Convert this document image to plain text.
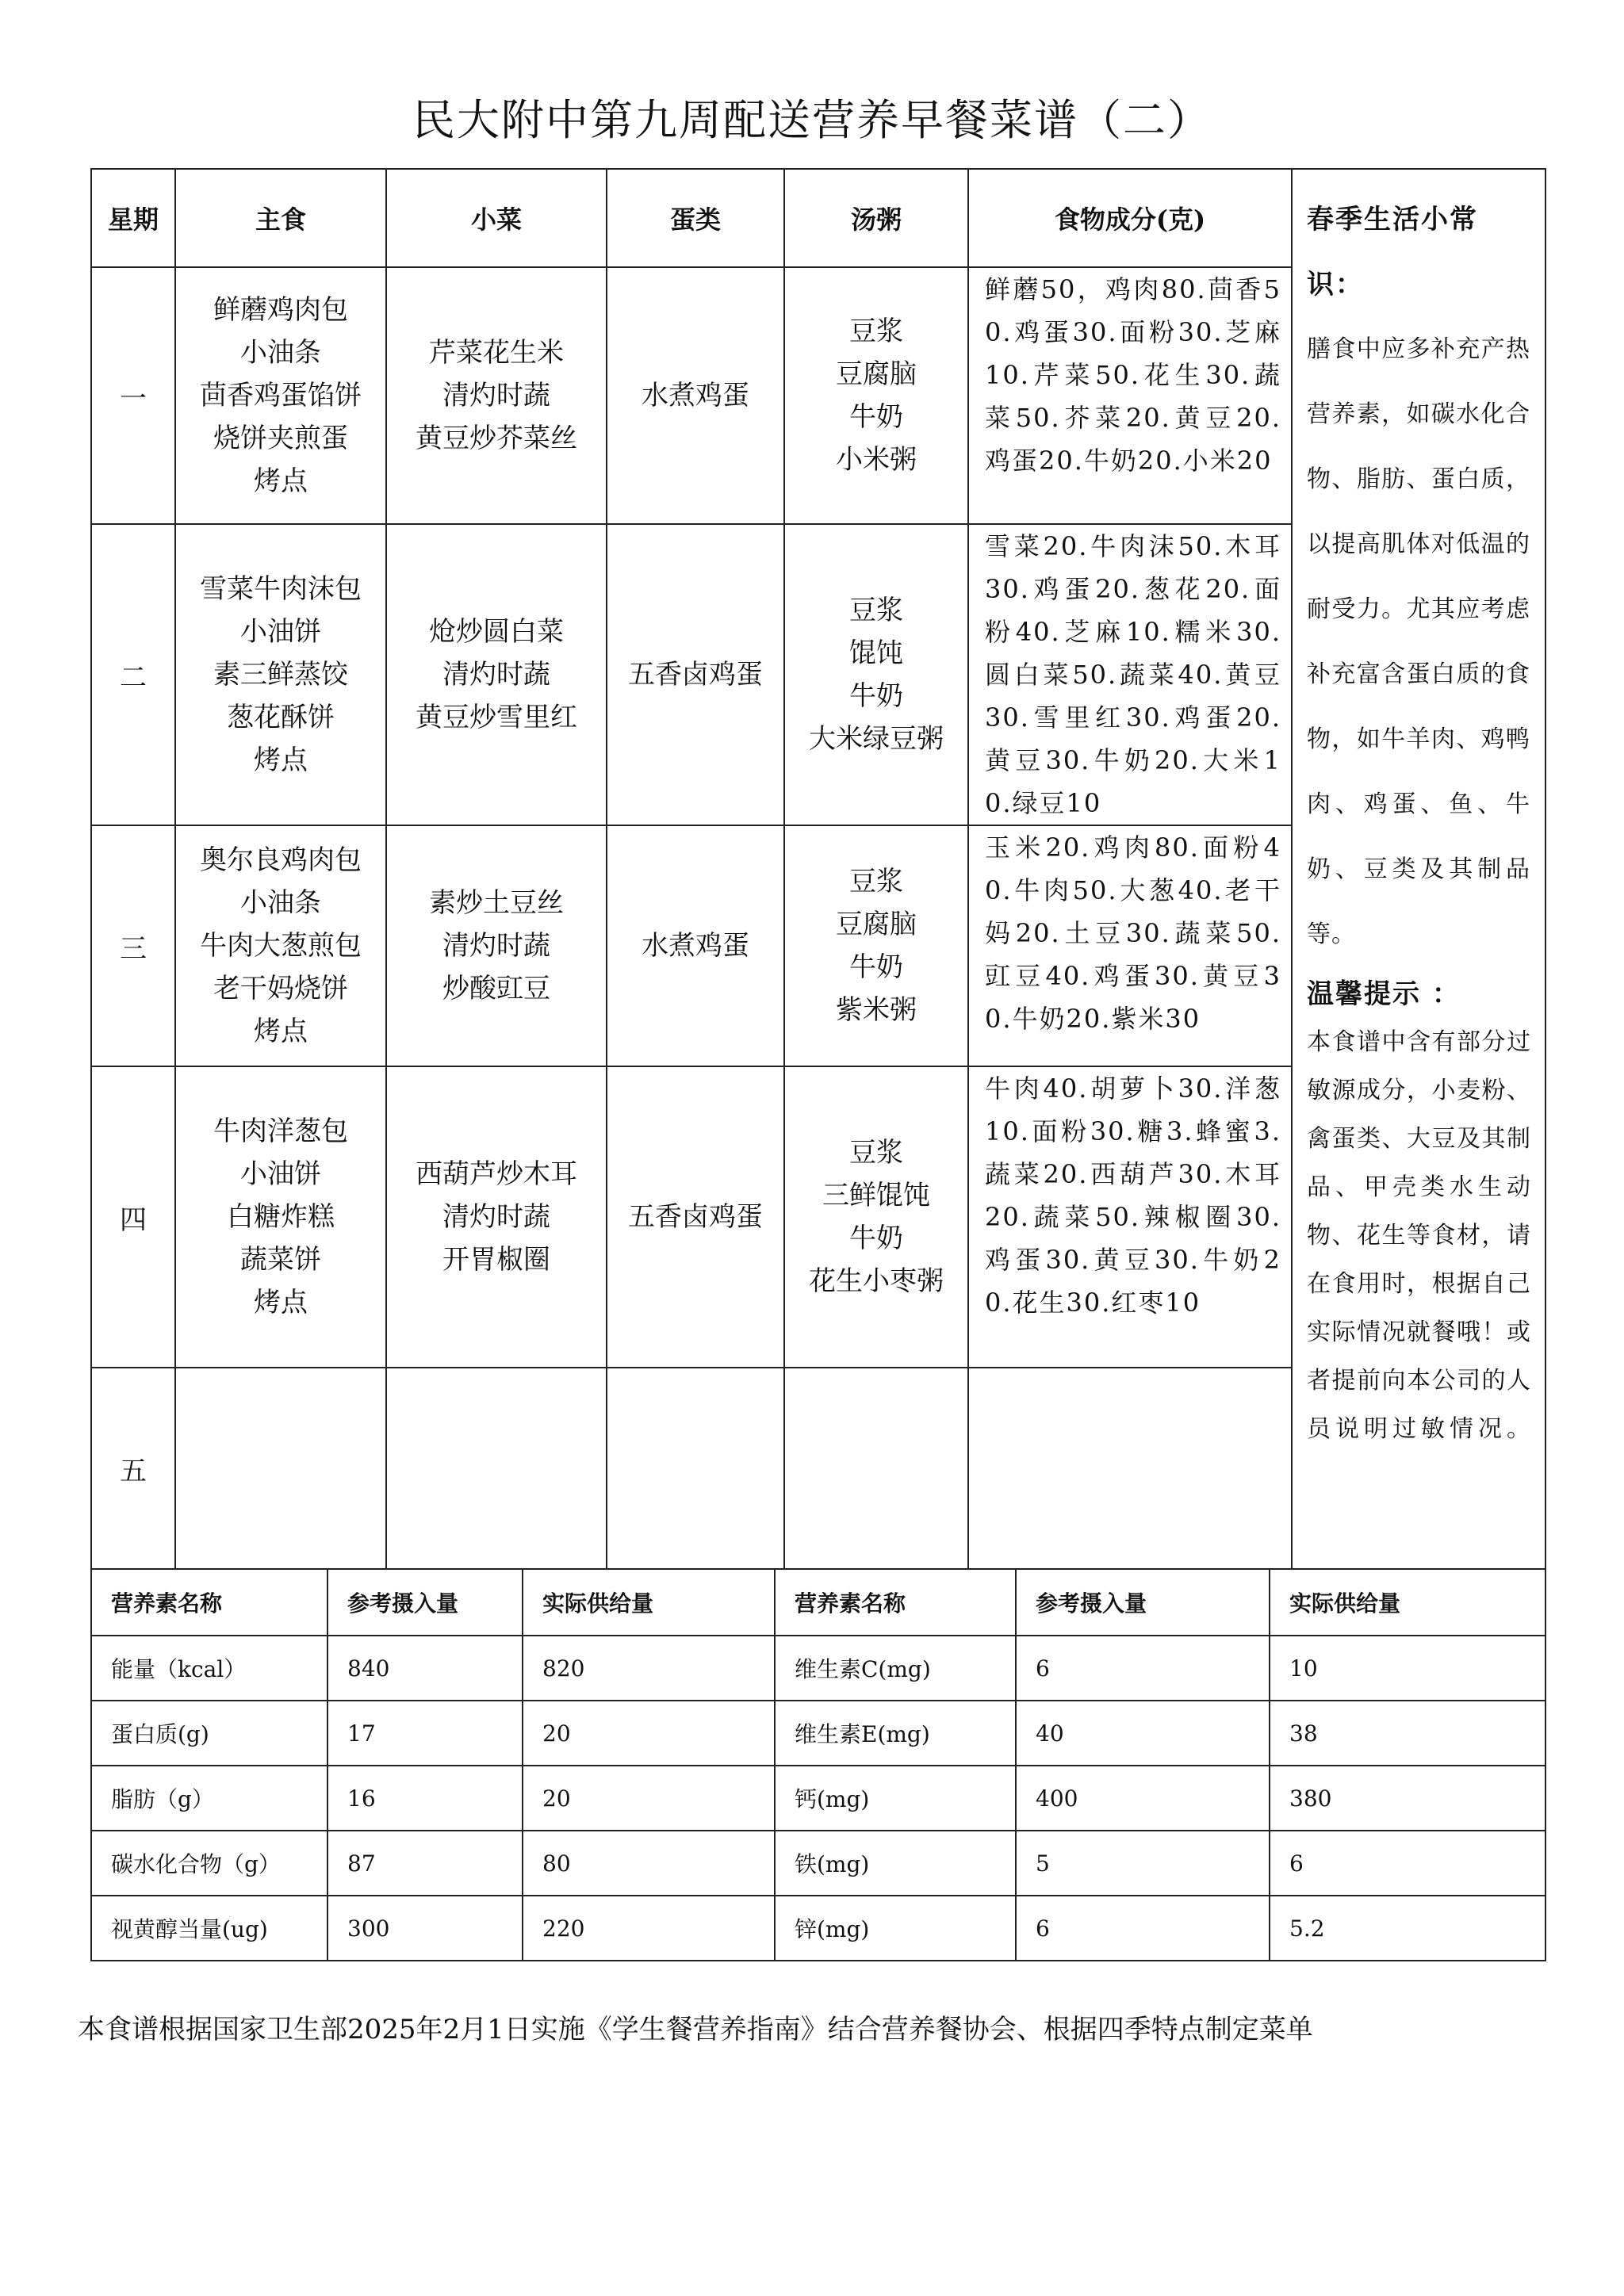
民大附中第九周配送营养早餐菜谱（二）
星期	主食	小菜	蛋类	汤粥	食物成分(克)	春季生活小常识：
膳食中应多补充产热营养素，如碳水化合物、脂肪、蛋白质，以提高肌体对低温的耐受力。尤其应考虑补充富含蛋白质的食物，如牛羊肉、鸡鸭肉、鸡蛋、鱼、牛奶、豆类及其制品等。
温馨提示 ：
本食谱中含有部分过敏源成分，小麦粉、禽蛋类、大豆及其制品、甲壳类水生动物、花生等食材，请在食用时，根据自己实际情况就餐哦！或者提前向本公司的人员说明过敏情况。

一	鲜蘑鸡肉包
小油条
茴香鸡蛋馅饼
烧饼夹煎蛋
烤点	芹菜花生米
清灼时蔬
黄豆炒芥菜丝	水煮鸡蛋	豆浆
豆腐脑
牛奶
小米粥	鲜蘑50，鸡肉80.茴香50.鸡蛋30.面粉30.芝麻10.芹菜50.花生30.蔬菜50.芥菜20.黄豆20.鸡蛋20.牛奶20.小米20	
二	雪菜牛肉沫包
小油饼
素三鲜蒸饺
葱花酥饼
烤点	炝炒圆白菜
清灼时蔬
黄豆炒雪里红	五香卤鸡蛋	豆浆
馄饨
牛奶
大米绿豆粥	雪菜20.牛肉沫50.木耳30.鸡蛋20.葱花20.面粉40.芝麻10.糯米30.圆白菜50.蔬菜40.黄豆30.雪里红30.鸡蛋20.黄豆30.牛奶20.大米10.绿豆10	
三	奥尔良鸡肉包
小油条
牛肉大葱煎包
老干妈烧饼
烤点	素炒土豆丝
清灼时蔬
炒酸豇豆	水煮鸡蛋	豆浆
豆腐脑
牛奶
紫米粥	玉米20.鸡肉80.面粉40.牛肉50.大葱40.老干妈20.土豆30.蔬菜50.豇豆40.鸡蛋30.黄豆30.牛奶20.紫米30	
四	牛肉洋葱包
小油饼
白糖炸糕
蔬菜饼
烤点	西葫芦炒木耳
清灼时蔬
开胃椒圈	五香卤鸡蛋	豆浆
三鲜馄饨
牛奶
花生小枣粥	牛肉40.胡萝卜30.洋葱10.面粉30.糖3.蜂蜜3.蔬菜20.西葫芦30.木耳20.蔬菜50.辣椒圈30.鸡蛋30.黄豆30.牛奶20.花生30.红枣10	
五						
营养素名称	参考摄入量	实际供给量	营养素名称	参考摄入量	实际供给量
能量（kcal）	840	820	维生素C(mg)	6	10
蛋白质(g)	17	20	维生素E(mg)	40	38
脂肪（g）	16	20	钙(mg)	400	380
碳水化合物（g）	87	80	铁(mg)	5	6
视黄醇当量(ug)	300	220	锌(mg)	6	5.2
本食谱根据国家卫生部2025年2月1日实施《学生餐营养指南》结合营养餐协会、根据四季特点制定菜单
